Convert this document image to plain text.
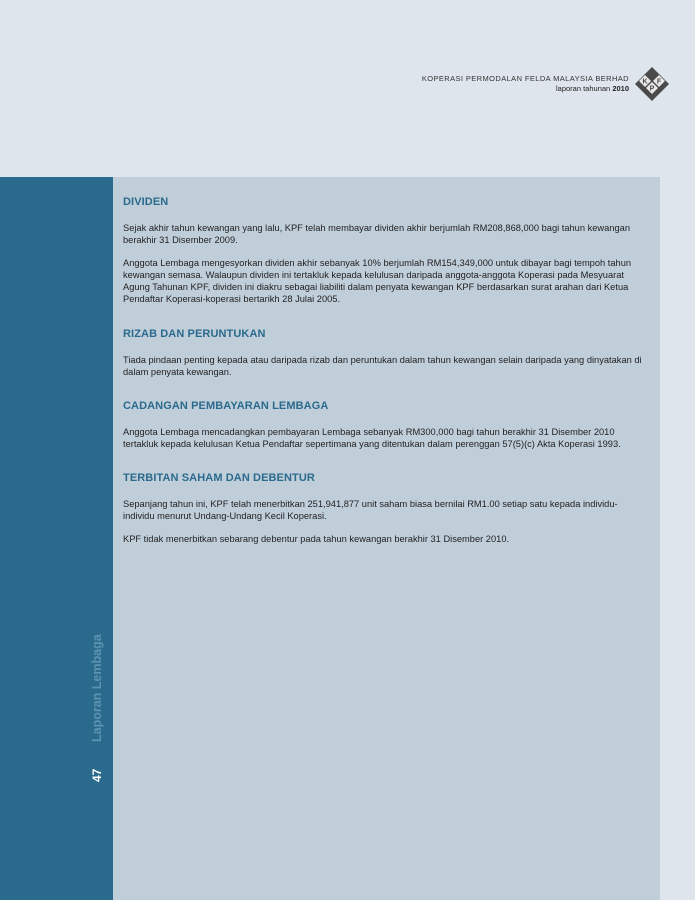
KOPERASI PERMODALAN FELDA MALAYSIA BERHAD
laporan tahunan 2010
K
P
F
Laporan Lembaga
47
DIVIDEN

Sejak akhir tahun kewangan yang lalu, KPF telah membayar dividen akhir berjumlah RM208,868,000 bagi tahun kewangan berakhir 31 Disember 2009.

Anggota Lembaga mengesyorkan dividen akhir sebanyak 10% berjumlah RM154,349,000 untuk dibayar bagi tempoh tahun kewangan semasa. Walaupun dividen ini tertakluk kepada kelulusan daripada anggota-anggota Koperasi pada Mesyuarat Agung Tahunan KPF, dividen ini diakru sebagai liabiliti dalam penyata kewangan KPF berdasarkan surat arahan dari Ketua Pendaftar Koperasi-koperasi bertarikh 28 Julai 2005.

RIZAB DAN PERUNTUKAN

Tiada pindaan penting kepada atau daripada rizab dan peruntukan dalam tahun kewangan selain daripada yang dinyatakan di dalam penyata kewangan.

CADANGAN PEMBAYARAN LEMBAGA

Anggota Lembaga mencadangkan pembayaran Lembaga sebanyak RM300,000 bagi tahun berakhir 31 Disember 2010 tertakluk kepada kelulusan Ketua Pendaftar sepertimana yang ditentukan dalam perenggan 57(5)(c) Akta Koperasi 1993.

TERBITAN SAHAM DAN DEBENTUR

Sepanjang tahun ini, KPF telah menerbitkan 251,941,877 unit saham biasa bernilai RM1.00 setiap satu kepada individu-individu menurut Undang-Undang Kecil Koperasi.

KPF tidak menerbitkan sebarang debentur pada tahun kewangan berakhir 31 Disember 2010.
